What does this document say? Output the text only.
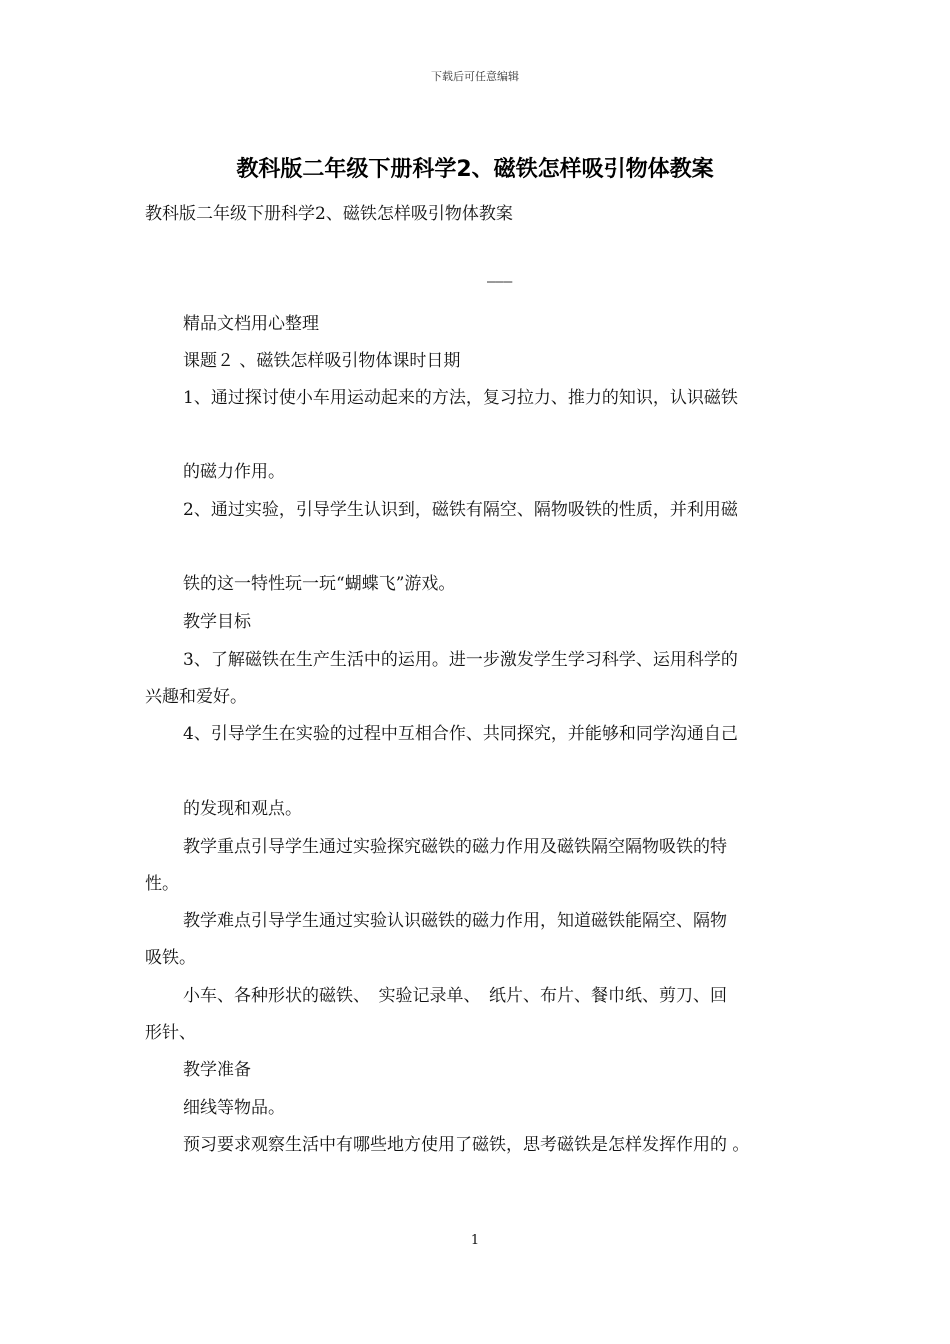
下载后可任意编辑
教科版二年级下册科学2、磁铁怎样吸引物体教案
教科版二年级下册科学2、磁铁怎样吸引物体教案
———
精品文档用心整理
课题２ 、磁铁怎样吸引物体课时日期
1、通过探讨使小车用运动起来的方法，复习拉力、推力的知识，认识磁铁
的磁力作用。
2、通过实验，引导学生认识到，磁铁有隔空、隔物吸铁的性质，并利用磁
铁的这一特性玩一玩“蝴蝶飞”游戏。
教学目标
3、了解磁铁在生产生活中的运用。进一步激发学生学习科学、运用科学的
兴趣和爱好。
4、引导学生在实验的过程中互相合作、共同探究，并能够和同学沟通自己
的发现和观点。
教学重点引导学生通过实验探究磁铁的磁力作用及磁铁隔空隔物吸铁的特
性。
教学难点引导学生通过实验认识磁铁的磁力作用，知道磁铁能隔空、隔物
吸铁。
小车、各种形状的磁铁、　实验记录单、　纸片、布片、餐巾纸、剪刀、回
形针、
教学准备
细线等物品。
预习要求观察生活中有哪些地方使用了磁铁，思考磁铁是怎样发挥作用的 。
1
